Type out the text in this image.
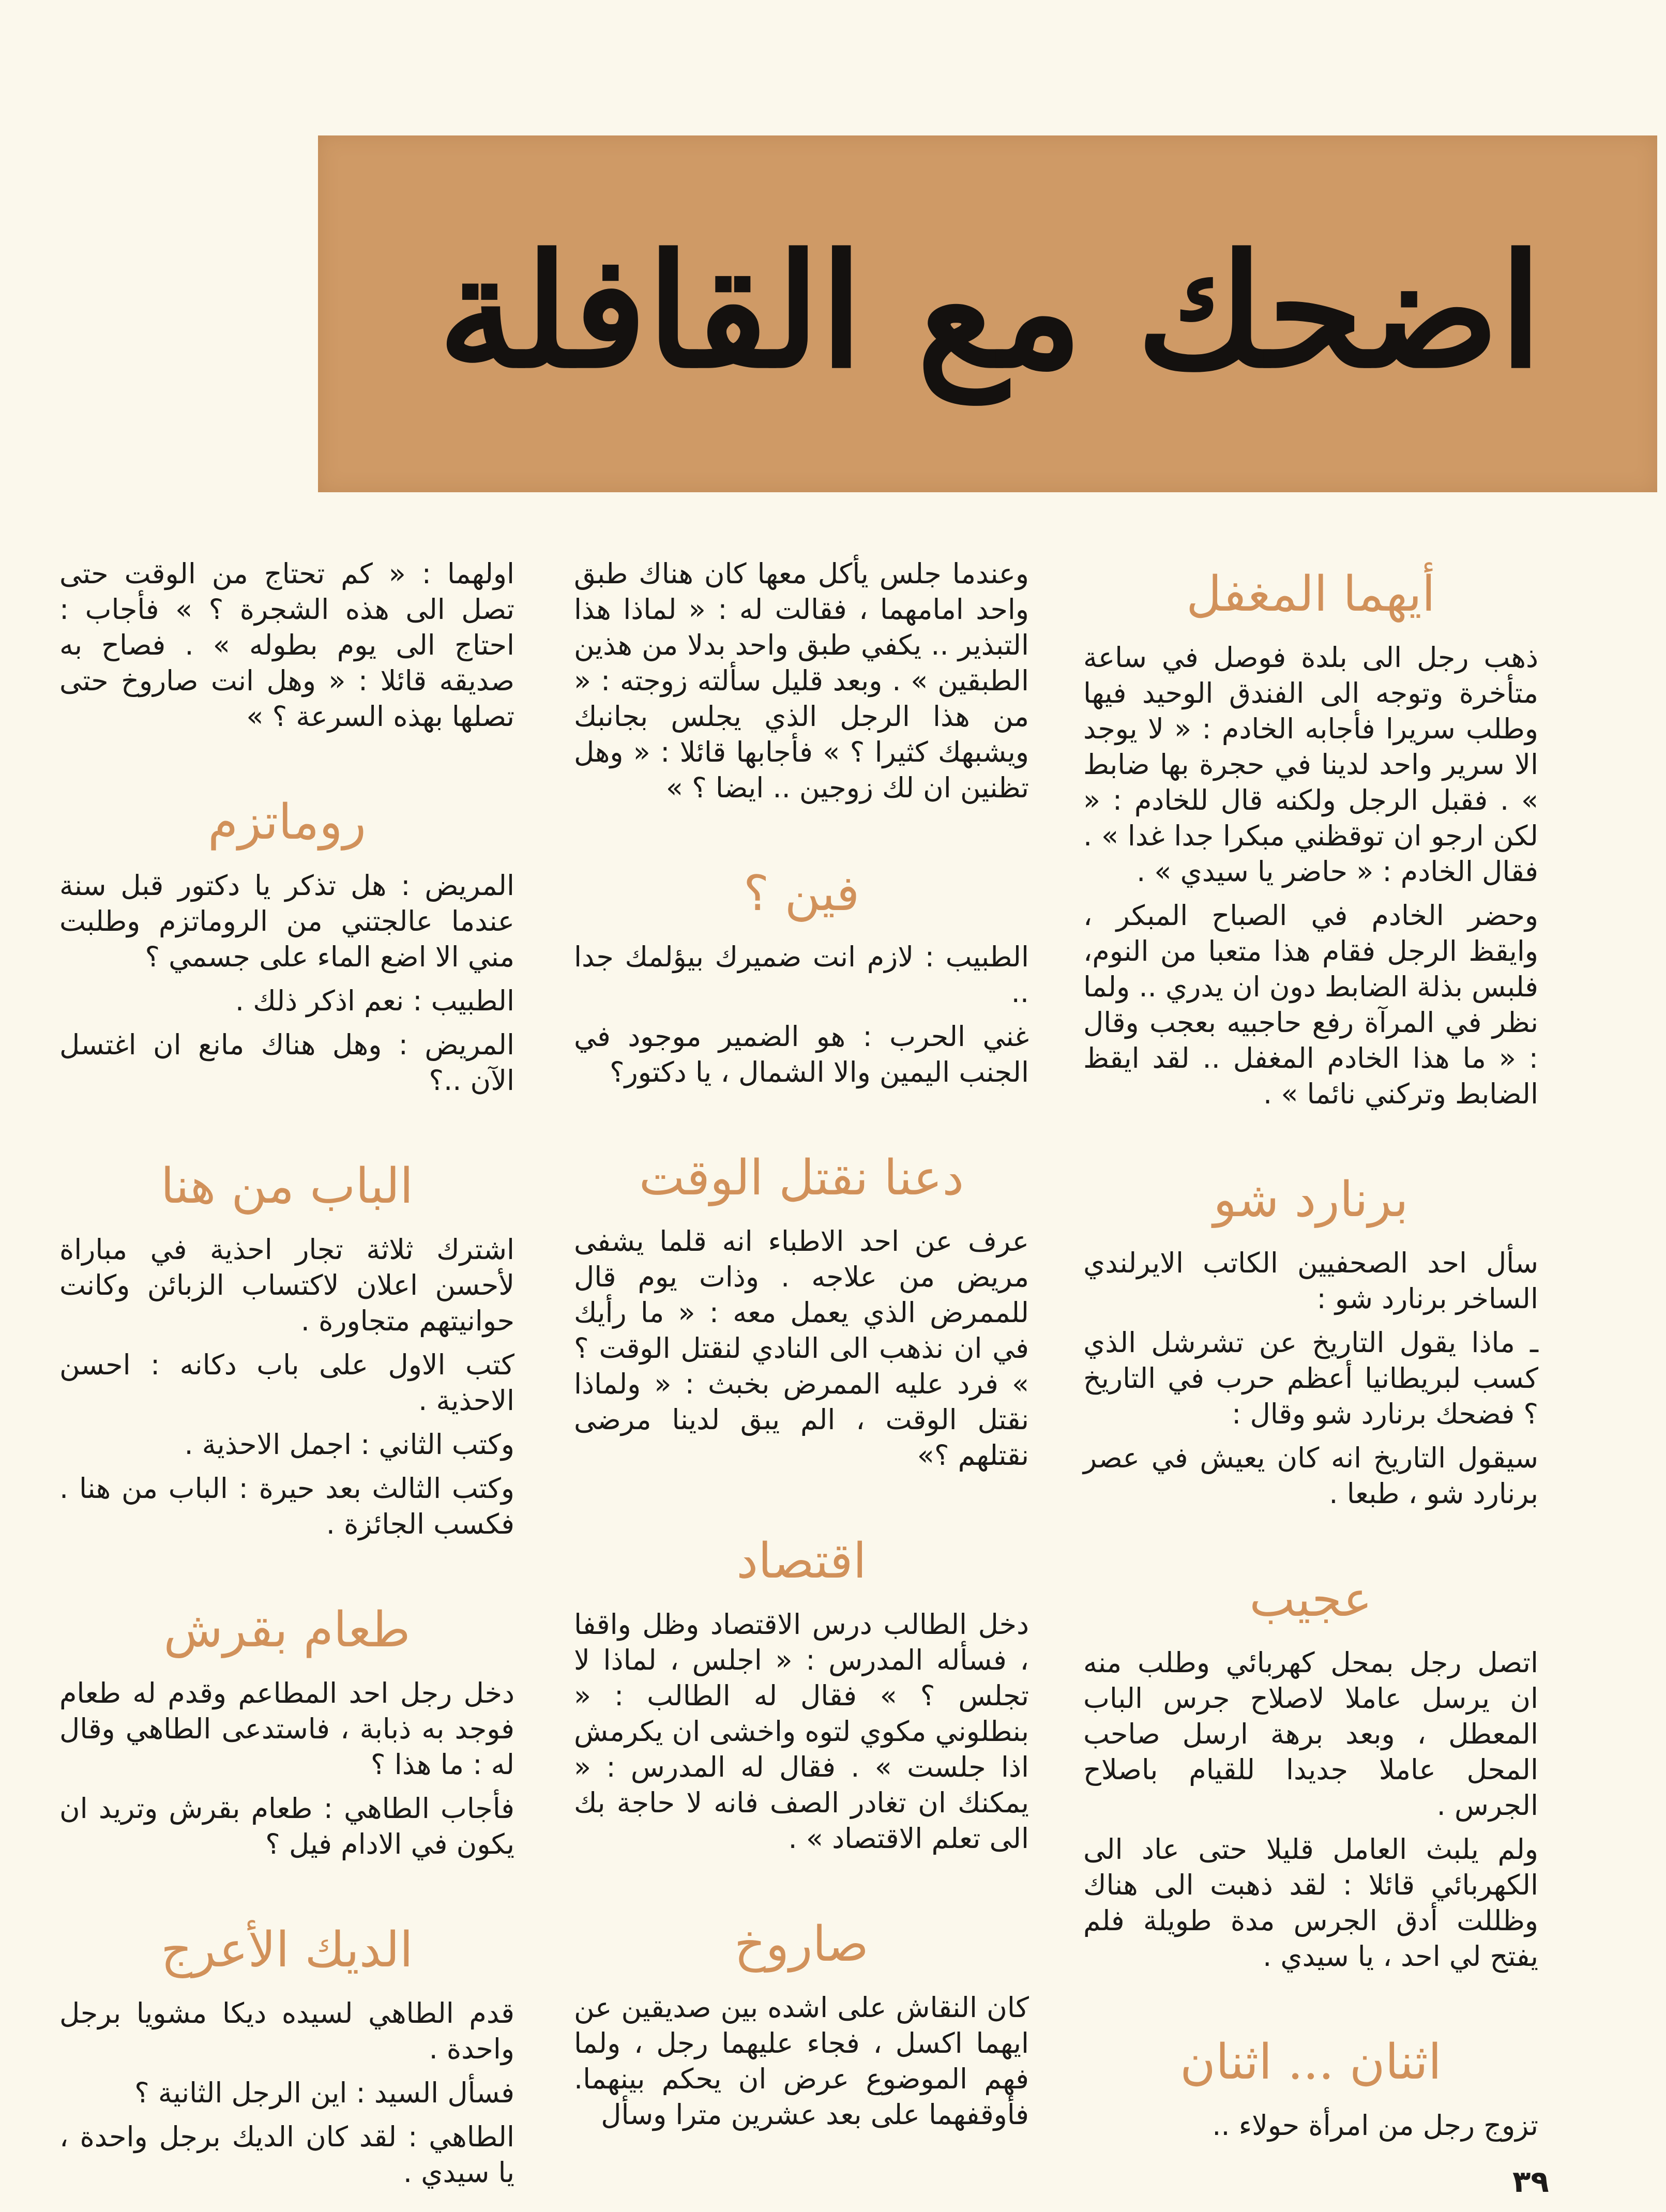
اضحك مع القافلة
أيهما المغفل
ذهب رجل الى بلدة فوصل في ساعة متأخرة وتوجه الى الفندق الوحيد فيها وطلب سريرا فأجابه الخادم : « لا يوجد الا سرير واحد لدينا في حجرة بها ضابط » . فقبل الرجل ولكنه قال للخادم : « لكن ارجو ان توقظني مبكرا جدا غدا » . فقال الخادم : « حاضر يا سيدي » .
وحضر الخادم في الصباح المبكر ، وايقظ الرجل فقام هذا متعبا من النوم، فلبس بذلة الضابط دون ان يدري .. ولما نظر في المرآة رفع حاجبيه بعجب وقال : « ما هذا الخادم المغفل .. لقد ايقظ الضابط وتركني نائما » .
برنارد شو
سأل احد الصحفيين الكاتب الايرلندي الساخر برنارد شو :
ـ ماذا يقول التاريخ عن تشرشل الذي كسب لبريطانيا أعظم حرب في التاريخ ؟ فضحك برنارد شو وقال :
سيقول التاريخ انه كان يعيش في عصر برنارد شو ، طبعا .
عجيب
اتصل رجل بمحل كهربائي وطلب منه ان يرسل عاملا لاصلاح جرس الباب المعطل ، وبعد برهة ارسل صاحب المحل عاملا جديدا للقيام باصلاح الجرس .
ولم يلبث العامل قليلا حتى عاد الى الكهربائي قائلا : لقد ذهبت الى هناك وظللت أدق الجرس مدة طويلة فلم يفتح لي احد ، يا سيدي .
اثنان ... اثنان
تزوج رجل من امرأة حولاء ..
وعندما جلس يأكل معها كان هناك طبق واحد امامهما ، فقالت له : « لماذا هذا التبذير .. يكفي طبق واحد بدلا من هذين الطبقين » . وبعد قليل سألته زوجته : « من هذا الرجل الذي يجلس بجانبك ويشبهك كثيرا ؟ » فأجابها قائلا : « وهل تظنين ان لك زوجين .. ايضا ؟ »
فين ؟
الطبيب : لازم انت ضميرك بيؤلمك جدا ..
غني الحرب : هو الضمير موجود في الجنب اليمين والا الشمال ، يا دكتور؟
دعنا نقتل الوقت
عرف عن احد الاطباء انه قلما يشفى مريض من علاجه . وذات يوم قال للممرض الذي يعمل معه : « ما رأيك في ان نذهب الى النادي لنقتل الوقت ؟ » فرد عليه الممرض بخبث : « ولماذا نقتل الوقت ، الم يبق لدينا مرضى نقتلهم ؟»
اقتصاد
دخل الطالب درس الاقتصاد وظل واقفا ، فسأله المدرس : « اجلس ، لماذا لا تجلس ؟ » فقال له الطالب : « بنطلوني مكوي لتوه واخشى ان يكرمش اذا جلست » . فقال له المدرس : « يمكنك ان تغادر الصف فانه لا حاجة بك الى تعلم الاقتصاد » .
صاروخ
كان النقاش على اشده بين صديقين عن ايهما اكسل ، فجاء عليهما رجل ، ولما فهم الموضوع عرض ان يحكم بينهما. فأوقفهما على بعد عشرين مترا وسأل
اولهما : « كم تحتاج من الوقت حتى تصل الى هذه الشجرة ؟ » فأجاب : احتاج الى يوم بطوله » . فصاح به صديقه قائلا : « وهل انت صاروخ حتى تصلها بهذه السرعة ؟ »
روماتزم
المريض : هل تذكر يا دكتور قبل سنة عندما عالجتني من الروماتزم وطلبت مني الا اضع الماء على جسمي ؟
الطبيب : نعم اذكر ذلك .
المريض : وهل هناك مانع ان اغتسل الآن ..؟
الباب من هنا
اشترك ثلاثة تجار احذية في مباراة لأحسن اعلان لاكتساب الزبائن وكانت حوانيتهم متجاورة .
كتب الاول على باب دكانه : احسن الاحذية .
وكتب الثاني : اجمل الاحذية .
وكتب الثالث بعد حيرة : الباب من هنا . فكسب الجائزة .
طعام بقرش
دخل رجل احد المطاعم وقدم له طعام فوجد به ذبابة ، فاستدعى الطاهي وقال له : ما هذا ؟
فأجاب الطاهي : طعام بقرش وتريد ان يكون في الادام فيل ؟
الديك الأعرج
قدم الطاهي لسيده ديكا مشويا برجل واحدة .
فسأل السيد : اين الرجل الثانية ؟
الطاهي : لقد كان الديك برجل واحدة ، يا سيدي .	٣٩
